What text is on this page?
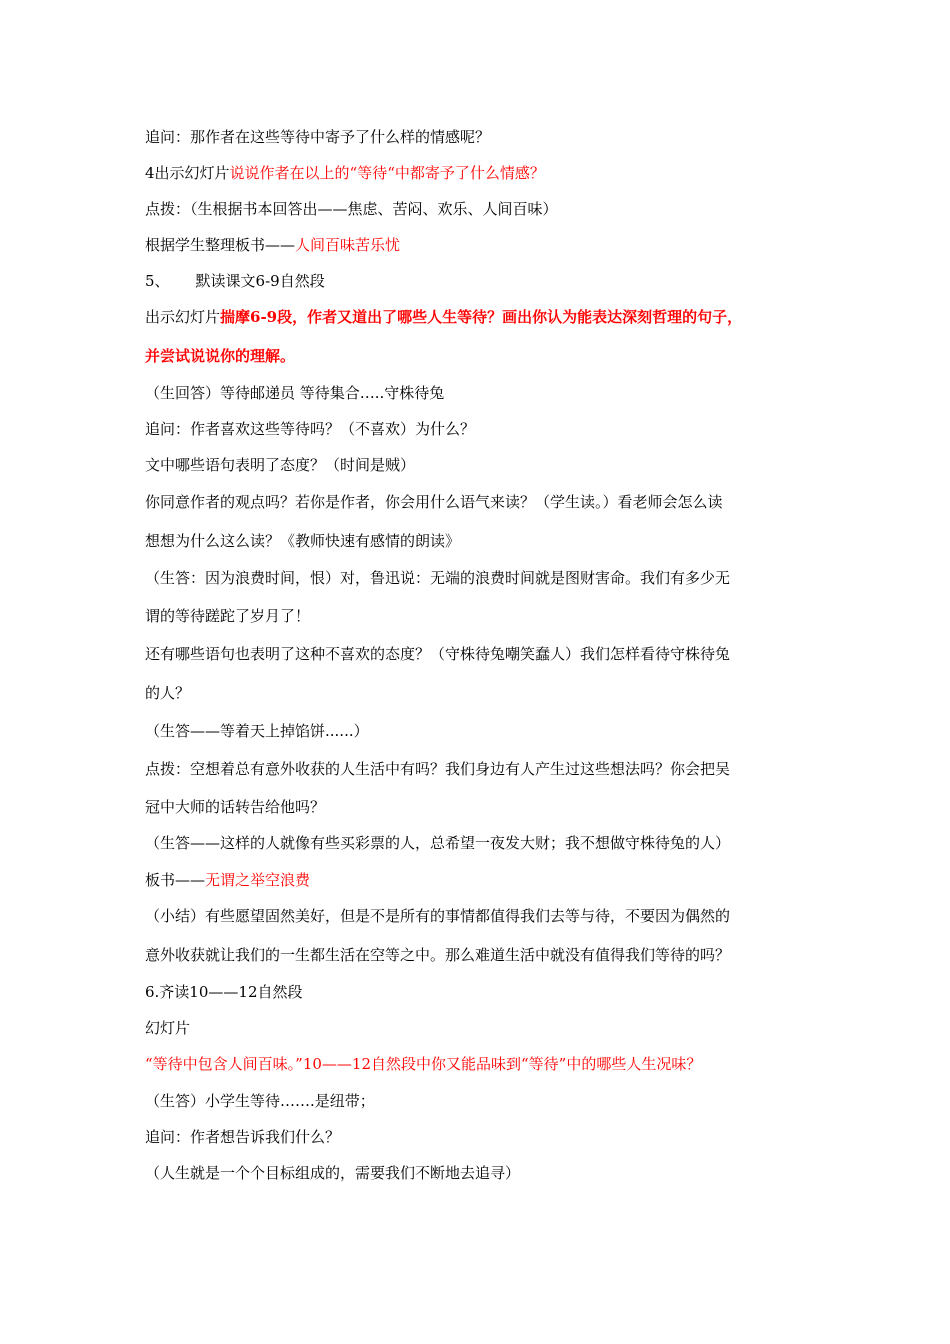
追问：那作者在这些等待中寄予了什么样的情感呢？
4出示幻灯片说说作者在以上的“等待“中都寄予了什么情感？
点拨：（生根据书本回答出——焦虑、苦闷、欢乐、人间百味）
根据学生整理板书——人间百味苦乐忧
5、 默读课文6-9自然段
出示幻灯片揣摩6-9段，作者又道出了哪些人生等待？画出你认为能表达深刻哲理的句子，
并尝试说说你的理解。
（生回答）等待邮递员 等待集合…..守株待兔
追问：作者喜欢这些等待吗？（不喜欢）为什么？
文中哪些语句表明了态度？（时间是贼）
你同意作者的观点吗？若你是作者，你会用什么语气来读？（学生读。）看老师会怎么读
想想为什么这么读？《教师快速有感情的朗读》
（生答：因为浪费时间，恨）对，鲁迅说：无端的浪费时间就是图财害命。我们有多少无
谓的等待蹉跎了岁月了！
还有哪些语句也表明了这种不喜欢的态度？（守株待兔嘲笑蠢人）我们怎样看待守株待兔
的人？
（生答——等着天上掉馅饼......）
点拨：空想着总有意外收获的人生活中有吗？我们身边有人产生过这些想法吗？你会把吴
冠中大师的话转告给他吗？
（生答——这样的人就像有些买彩票的人，总希望一夜发大财；我不想做守株待兔的人）
板书——无谓之举空浪费
（小结）有些愿望固然美好，但是不是所有的事情都值得我们去等与待，不要因为偶然的
意外收获就让我们的一生都生活在空等之中。那么难道生活中就没有值得我们等待的吗？
6.齐读10——12自然段
幻灯片
“等待中包含人间百味。”10——12自然段中你又能品味到“等待”中的哪些人生况味？
（生答）小学生等待…….是纽带；
追问：作者想告诉我们什么？
（人生就是一个个目标组成的，需要我们不断地去追寻）
